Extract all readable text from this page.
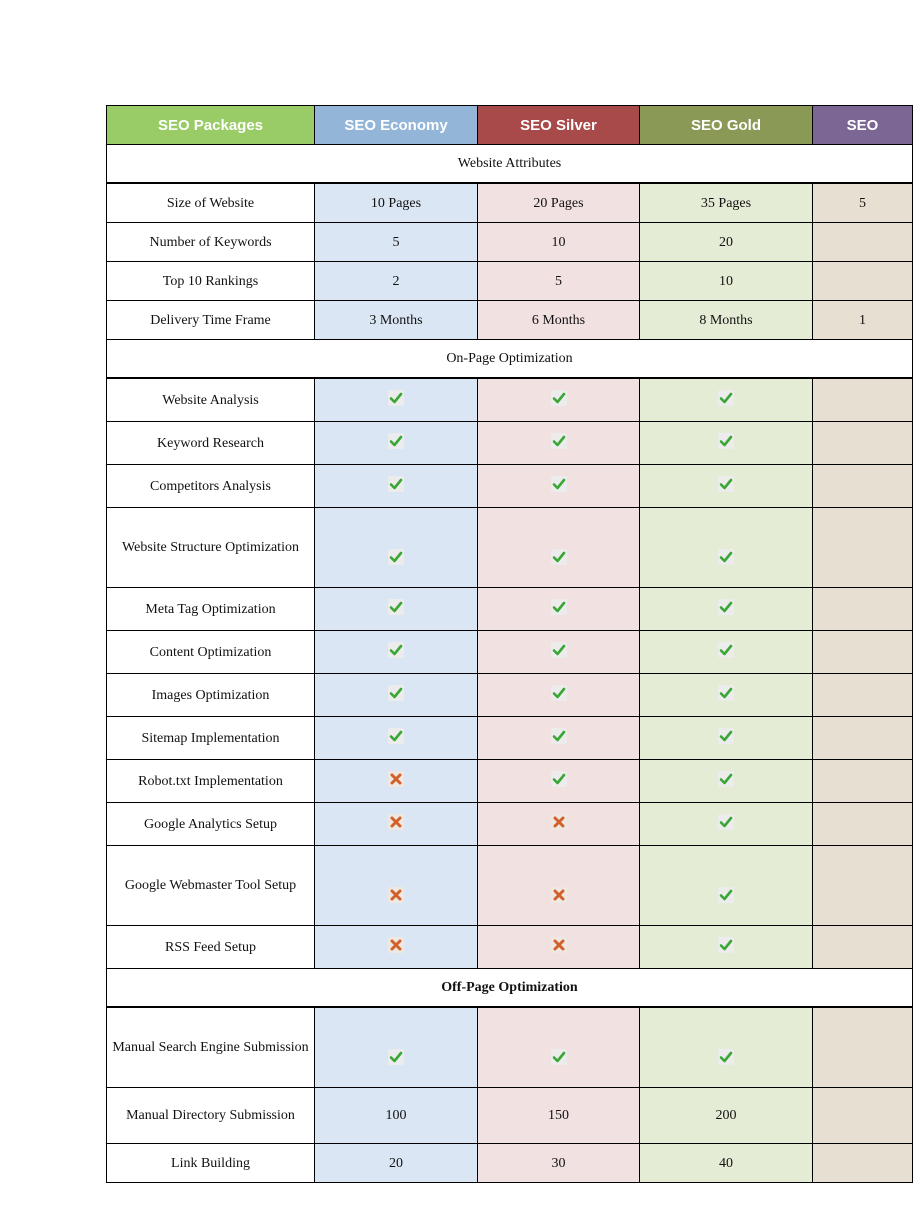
SEO Packages	SEO Economy	SEO Silver	SEO Gold	SEO
Website Attributes				
Size of Website	10 Pages	20 Pages	35 Pages	5
Number of Keywords	5	10	20	
Top 10 Rankings	2	5	10	
Delivery Time Frame	3 Months	6 Months	8 Months	1
On-Page Optimization				
Website Analysis	

Keyword Research	

Competitors Analysis	

Website Structure Optimization	

Meta Tag Optimization	

Content Optimization	

Images Optimization	

Sitemap Implementation	

Robot.txt Implementation	

Google Analytics Setup	

Google Webmaster Tool Setup	

RSS Feed Setup	

Off-Page Optimization				
Manual Search Engine Submission	

Manual Directory Submission	100	150	200	
Link Building	20	30	40	
